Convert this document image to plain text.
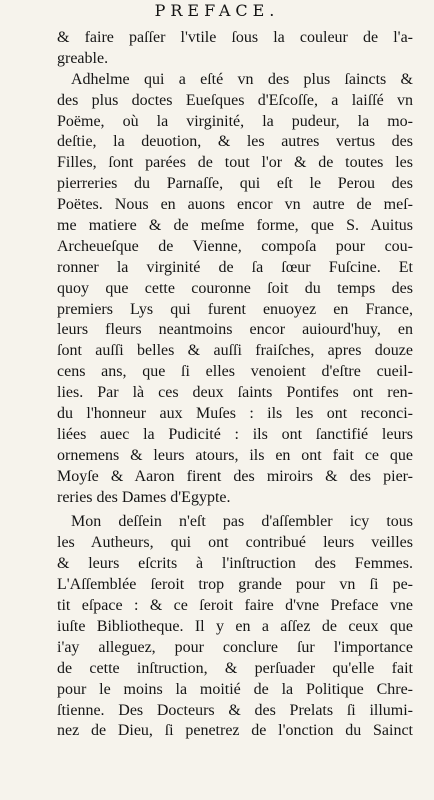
PREFACE.
& faire paſſer l'vtile ſous la couleur de l'a-
greable.
Adhelme qui a eſté vn des plus ſaincts &
des plus doctes Eueſques d'Eſcoſſe, a laiſſé vn
Poëme, où la virginité, la pudeur, la mo-
deſtie, la deuotion, & les autres vertus des
Filles, ſont parées de tout l'or & de toutes les
pierreries du Parnaſſe, qui eſt le Perou des
Poëtes. Nous en auons encor vn autre de meſ-
me matiere & de meſme forme, que S. Auitus
Archeueſque de Vienne, compoſa pour cou-
ronner la virginité de ſa ſœur Fuſcine. Et
quoy que cette couronne ſoit du temps des
premiers Lys qui furent enuoyez en France,
leurs fleurs neantmoins encor auiourd'huy, en
ſont auſſi belles & auſſi fraiſches, apres douze
cens ans, que ſi elles venoient d'eſtre cueil-
lies. Par là ces deux ſaints Pontifes ont ren-
du l'honneur aux Muſes : ils les ont reconci-
liées auec la Pudicité : ils ont ſanctifié leurs
ornemens & leurs atours, ils en ont fait ce que
Moyſe & Aaron firent des miroirs & des pier-
reries des Dames d'Egypte.
Mon deſſein n'eſt pas d'aſſembler icy tous
les Autheurs, qui ont contribué leurs veilles
& leurs eſcrits à l'inſtruction des Femmes.
L'Aſſemblée ſeroit trop grande pour vn ſi pe-
tit eſpace : & ce ſeroit faire d'vne Preface vne
iuſte Bibliotheque. Il y en a aſſez de ceux que
i'ay alleguez, pour conclure ſur l'importance
de cette inſtruction, & perſuader qu'elle fait
pour le moins la moitié de la Politique Chre-
ſtienne. Des Docteurs & des Prelats ſi illumi-
nez de Dieu, ſi penetrez de l'onction du Sainct
